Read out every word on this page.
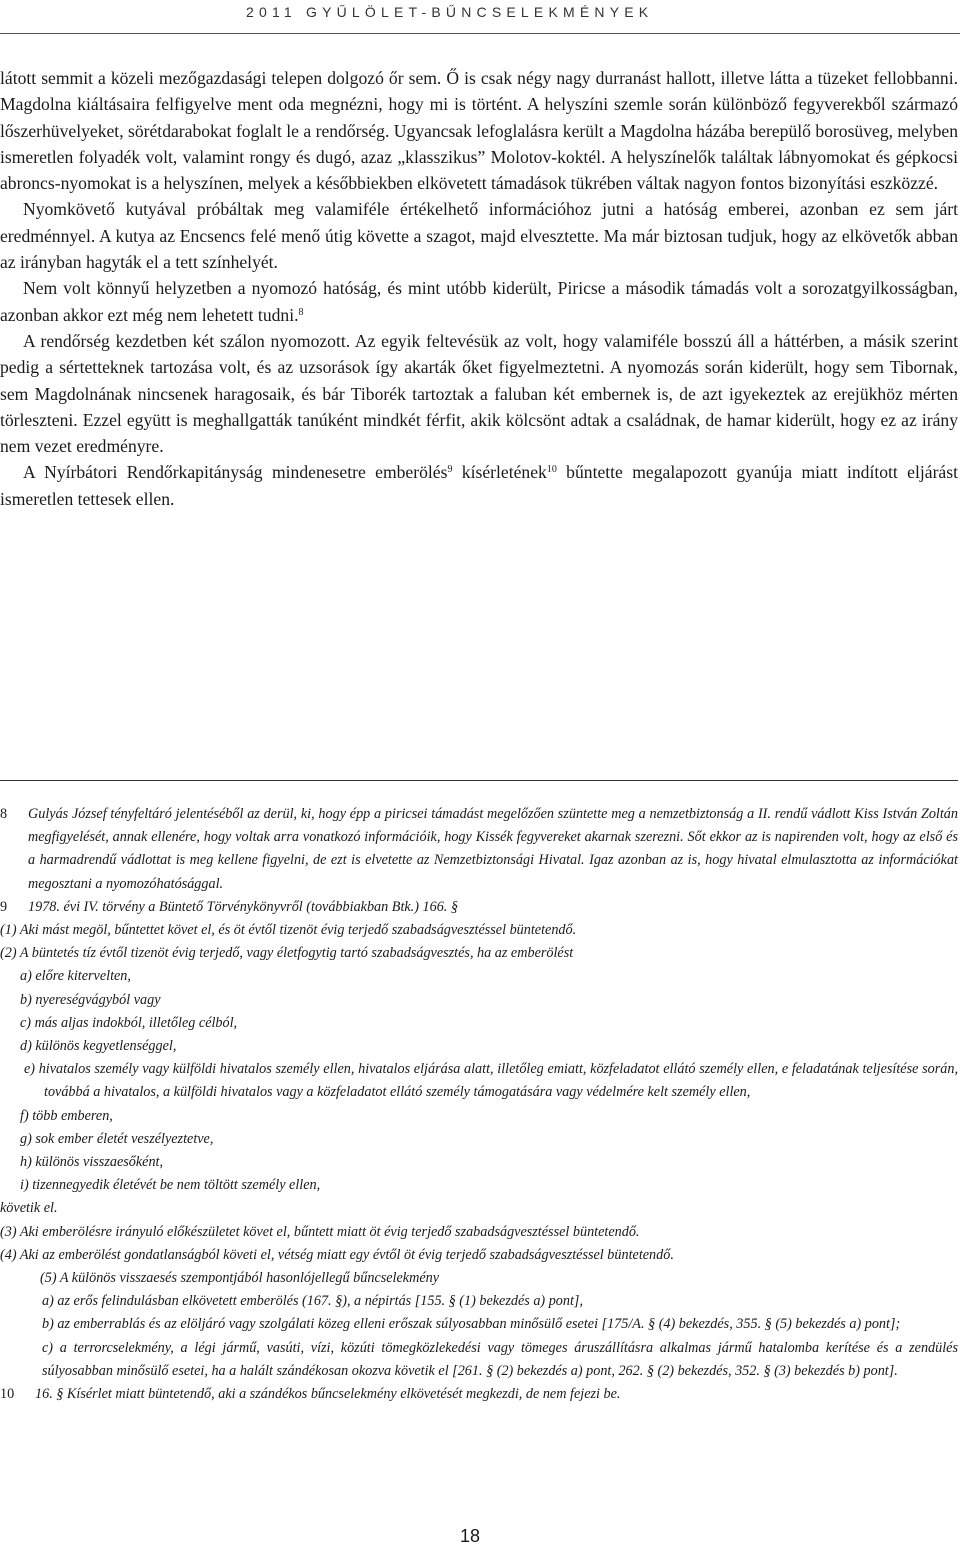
2011 GYŰLÖLET-BŰNCSELEKMÉNYEK

látott semmit a közeli mezőgazdasági telepen dolgozó őr sem. Ő is csak négy nagy durranást hallott, illetve látta a tüzeket fellobbanni. Magdolna kiáltásaira felfigyelve ment oda megnézni, hogy mi is történt. A helyszíni szemle során különböző fegyverekből származó lőszerhüvelyeket, sörétdarabokat foglalt le a rendőrség. Ugyancsak lefoglalásra került a Magdolna házába berepülő borosüveg, melyben ismeretlen folyadék volt, valamint rongy és dugó, azaz „klasszikus” Molotov-koktél. A helyszínelők találtak lábnyomokat és gépkocsi abroncs-nyomokat is a helyszínen, melyek a későbbiekben elkövetett támadások tükrében váltak nagyon fontos bizonyítási eszközzé.

Nyomkövető kutyával próbáltak meg valamiféle értékelhető információhoz jutni a hatóság emberei, azonban ez sem járt eredménnyel. A kutya az Encsencs felé menő útig követte a szagot, majd elvesztette. Ma már biztosan tudjuk, hogy az elkövetők abban az irányban hagyták el a tett színhelyét.

Nem volt könnyű helyzetben a nyomozó hatóság, és mint utóbb kiderült, Piricse a második támadás volt a sorozatgyilkosságban, azonban akkor ezt még nem lehetett tudni.$^8$

A rendőrség kezdetben két szálon nyomozott. Az egyik feltevésük az volt, hogy valamiféle bosszú áll a háttérben, a másik szerint pedig a sértetteknek tartozása volt, és az uzsorások így akarták őket figyelmeztetni. A nyomozás során kiderült, hogy sem Tibornak, sem Magdolnának nincsenek haragosaik, és bár Tiborék tartoztak a faluban két embernek is, de azt igyekeztek az erejükhöz mérten törleszteni. Ezzel együtt is meghallgatták tanúként mindkét férfit, akik kölcsönt adtak a családnak, de hamar kiderült, hogy ez az irány nem vezet eredményre.

A Nyírbátori Rendőrkapitányság mindenesetre emberölés$^9$ kísérletének$^{10}$ bűntette megalapozott gyanúja miatt indított eljárást ismeretlen tettesek ellen.

8 Gulyás József tényfeltáró jelentéséből az derül, ki, hogy épp a piricsei támadást megelőzően szüntette meg a nemzetbiztonság a II. rendű vádlott Kiss István Zoltán megfigyelését, annak ellenére, hogy voltak arra vonatkozó információik, hogy Kissék fegyvereket akarnak szerezni. Sőt ekkor az is napirenden volt, hogy az első és a harmadrendű vádlottat is meg kellene figyelni, de ezt is elvetette az Nemzetbiztonsági Hivatal. Igaz azonban az is, hogy hivatal elmulasztotta az információkat megosztani a nyomozóhatósággal.

9 1978. évi IV. törvény a Büntető Törvénykönyvről (továbbiakban Btk.) 166. §

(1) Aki mást megöl, bűntettet követ el, és öt évtől tizenöt évig terjedő szabadságvesztéssel büntetendő.

(2) A büntetés tíz évtől tizenöt évig terjedő, vagy életfogytig tartó szabadságvesztés, ha az emberölést

a) előre kitervelten,

b) nyereségvágyból vagy

c) más aljas indokból, illetőleg célból,

d) különös kegyetlenséggel,

e) hivatalos személy vagy külföldi hivatalos személy ellen, hivatalos eljárása alatt, illetőleg emiatt, közfeladatot ellátó személy ellen, e feladatának teljesítése során, továbbá a hivatalos, a külföldi hivatalos vagy a közfeladatot ellátó személy támogatására vagy védelmére kelt személy ellen,

f) több emberen,

g) sok ember életét veszélyeztetve,

h) különös visszaesőként,

i) tizennegyedik életévét be nem töltött személy ellen,

követik el.

(3) Aki emberölésre irányuló előkészületet követ el, bűntett miatt öt évig terjedő szabadságvesztéssel büntetendő.

(4) Aki az emberölést gondatlanságból követi el, vétség miatt egy évtől öt évig terjedő szabadságvesztéssel büntetendő.

(5) A különös visszaesés szempontjából hasonlójellegű bűncselekmény

a) az erős felindulásban elkövetett emberölés (167. §), a népirtás [155. § (1) bekezdés a) pont],

b) az emberrablás és az elöljáró vagy szolgálati közeg elleni erőszak súlyosabban minősülő esetei [175/A. § (4) bekezdés, 355. § (5) bekezdés a) pont];

c) a terrorcselekmény, a légi jármű, vasúti, vízi, közúti tömegközlekedési vagy tömeges áruszállításra alkalmas jármű hatalomba kerítése és a zendülés súlyosabban minősülő esetei, ha a halált szándékosan okozva követik el [261. § (2) bekezdés a) pont, 262. § (2) bekezdés, 352. § (3) bekezdés b) pont].

10 16. § Kísérlet miatt büntetendő, aki a szándékos bűncselekmény elkövetését megkezdi, de nem fejezi be.

18
